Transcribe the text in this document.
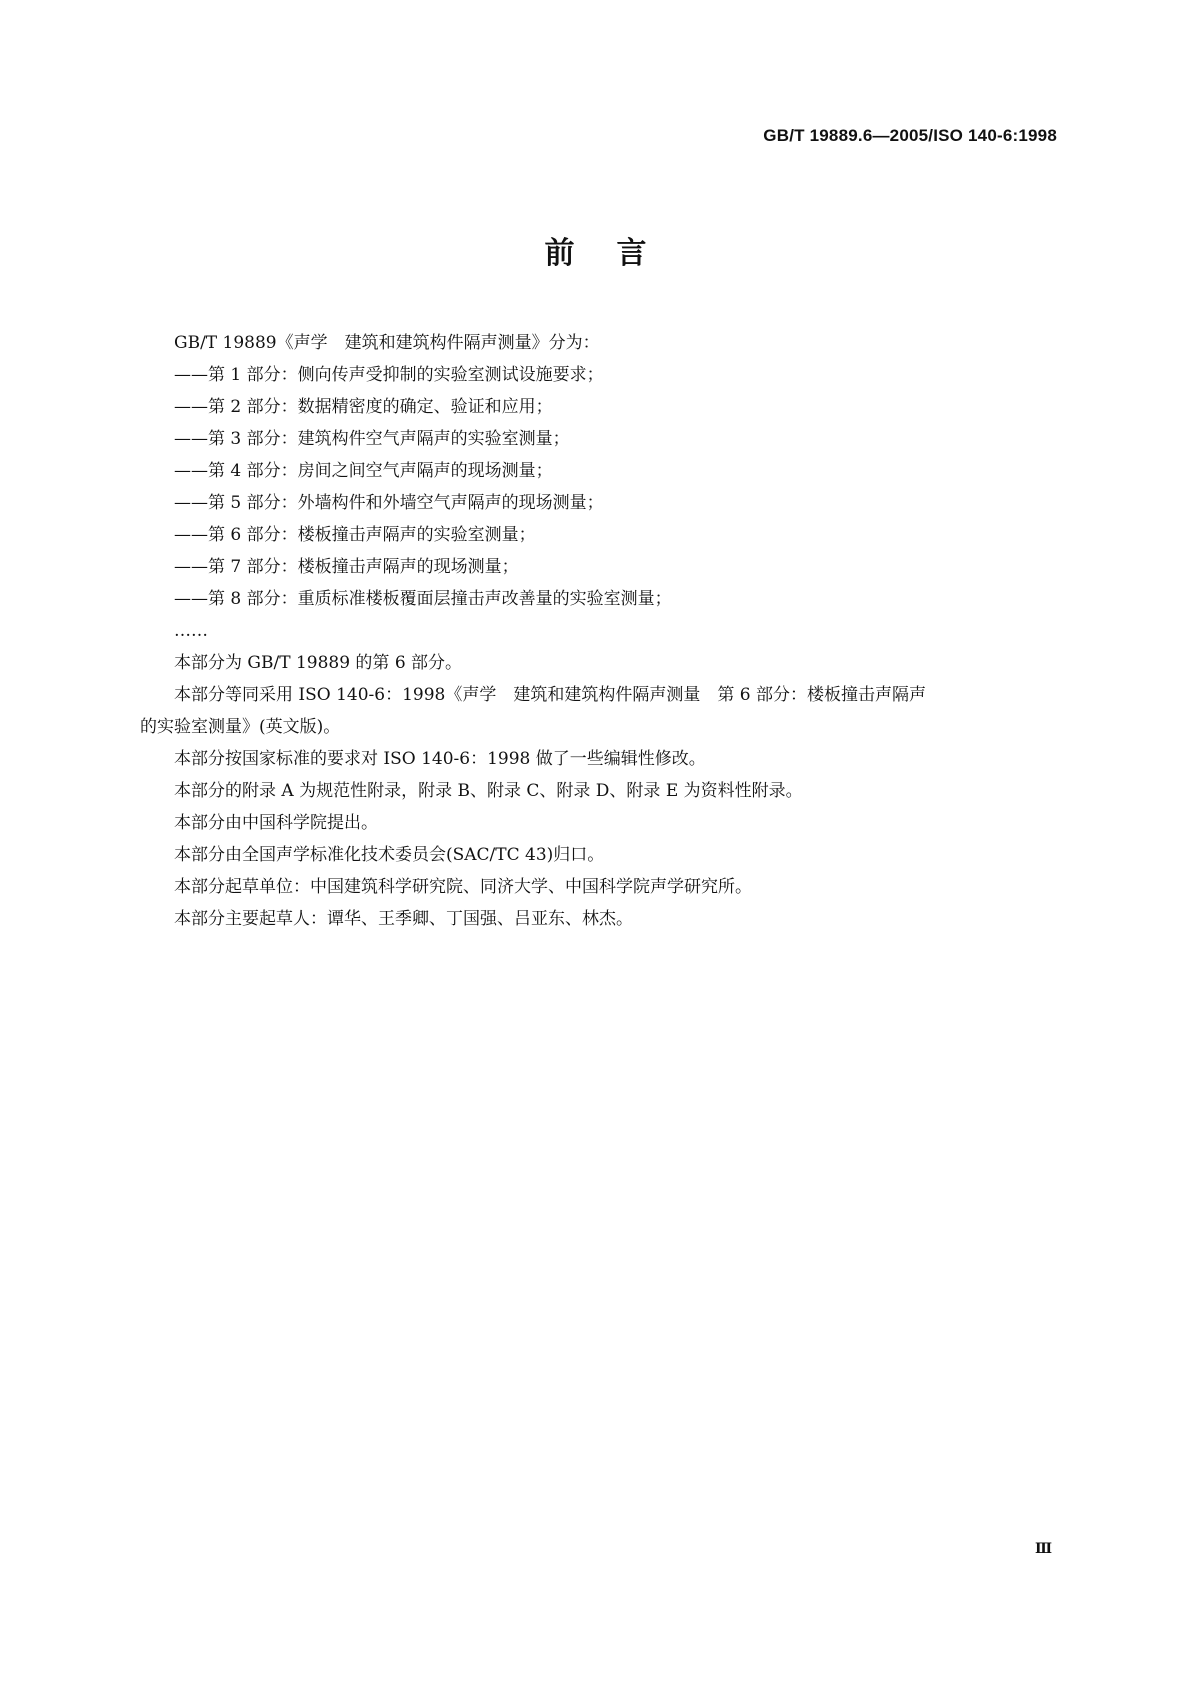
GB/T 19889.6—2005/ISO 140-6:1998
前言
GB/T 19889《声学　建筑和建筑构件隔声测量》分为：
——第 1 部分：侧向传声受抑制的实验室测试设施要求；
——第 2 部分：数据精密度的确定、验证和应用；
——第 3 部分：建筑构件空气声隔声的实验室测量；
——第 4 部分：房间之间空气声隔声的现场测量；
——第 5 部分：外墙构件和外墙空气声隔声的现场测量；
——第 6 部分：楼板撞击声隔声的实验室测量；
——第 7 部分：楼板撞击声隔声的现场测量；
——第 8 部分：重质标准楼板覆面层撞击声改善量的实验室测量；
……
本部分为 GB/T 19889 的第 6 部分。
本部分等同采用 ISO 140-6：1998《声学　建筑和建筑构件隔声测量　第 6 部分：楼板撞击声隔声
的实验室测量》(英文版)。
本部分按国家标准的要求对 ISO 140-6：1998 做了一些编辑性修改。
本部分的附录 A 为规范性附录，附录 B、附录 C、附录 D、附录 E 为资料性附录。
本部分由中国科学院提出。
本部分由全国声学标准化技术委员会(SAC/TC 43)归口。
本部分起草单位：中国建筑科学研究院、同济大学、中国科学院声学研究所。
本部分主要起草人：谭华、王季卿、丁国强、吕亚东、林杰。
Ⅲ
